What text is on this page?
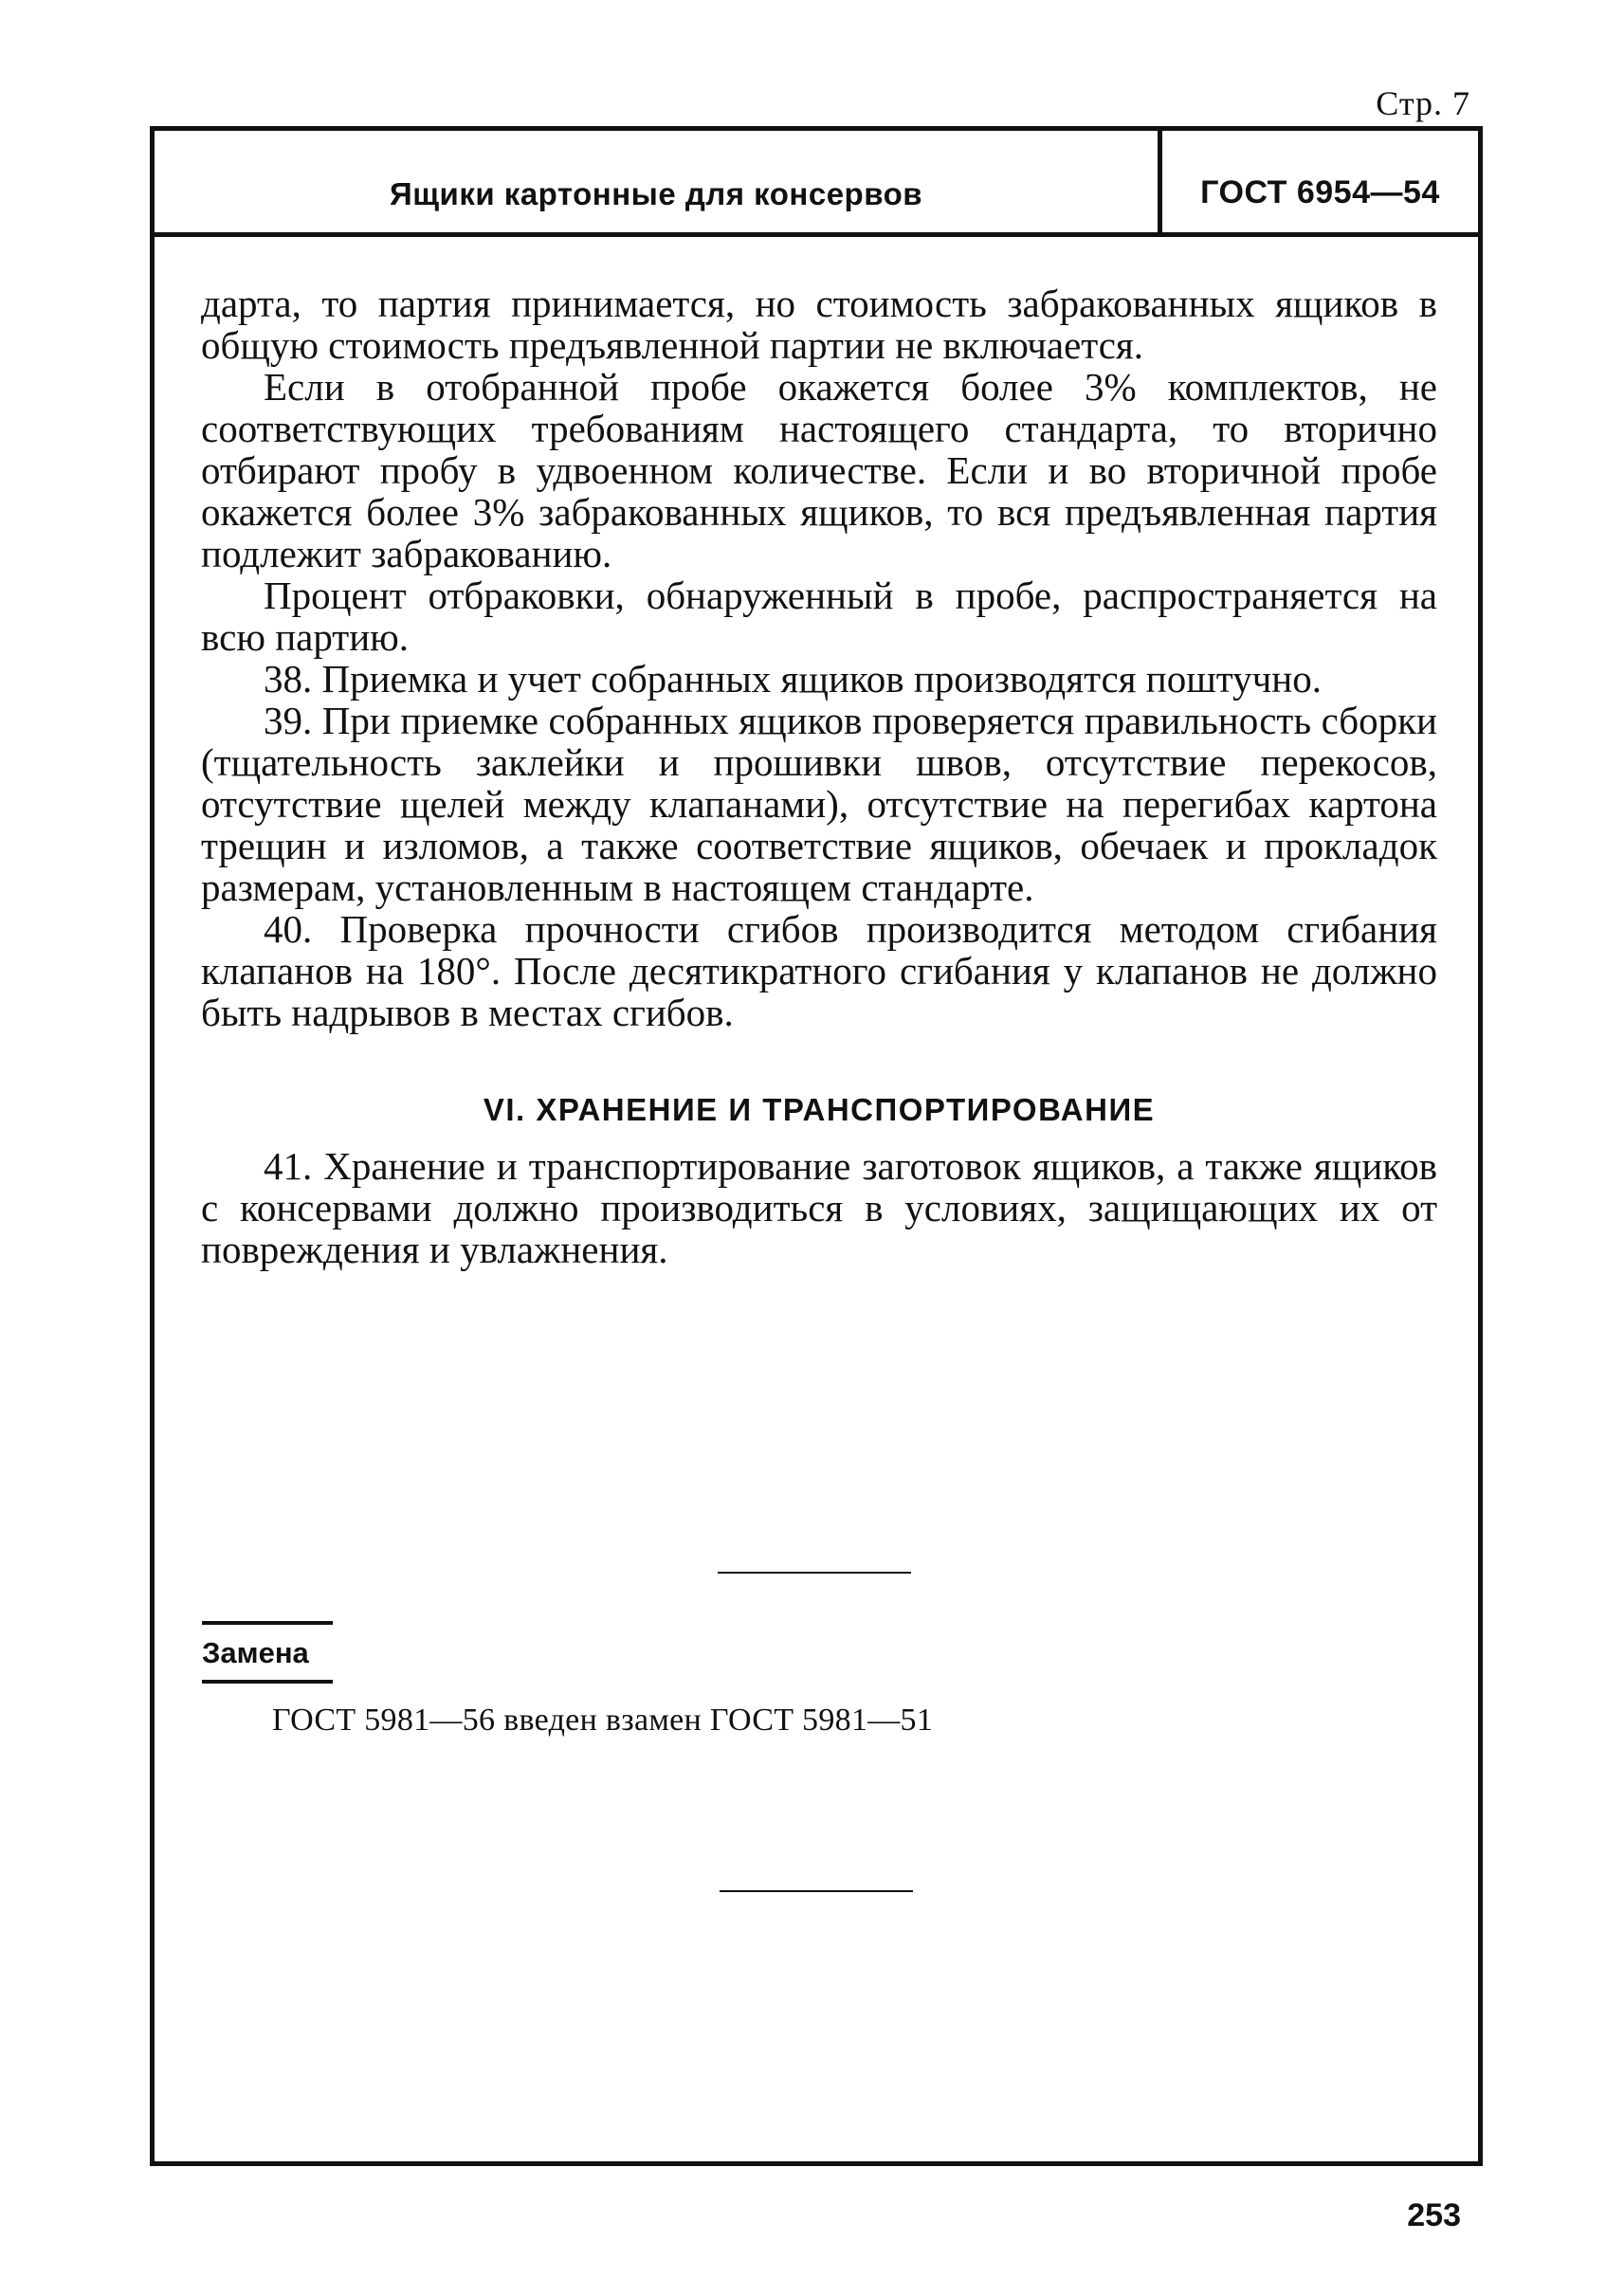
Стр. 7
Ящики картонные для консервов	ГОСТ 6954—54

дарта, то партия принимается, но стоимость забракованных ящиков в общую стоимость предъявленной партии не включается.

Если в отобранной пробе окажется более 3% комплектов, не соответствующих требованиям настоящего стандарта, то вторично отбирают пробу в удвоенном количестве. Если и во вторичной пробе окажется более 3% забракованных ящиков, то вся предъявленная партия подлежит забракованию.

Процент отбраковки, обнаруженный в пробе, распространяется на всю партию.

38. Приемка и учет собранных ящиков производятся поштучно.

39. При приемке собранных ящиков проверяется правильность сборки (тщательность заклейки и прошивки швов, отсутствие перекосов, отсутствие щелей между клапанами), отсутствие на перегибах картона трещин и изломов, а также соответствие ящиков, обечаек и прокладок размерам, установленным в настоящем стандарте.

40. Проверка прочности сгибов производится методом сгибания клапанов на 180°. После десятикратного сгибания у клапанов не должно быть надрывов в местах сгибов.

VI. ХРАНЕНИЕ И ТРАНСПОРТИРОВАНИЕ

41. Хранение и транспортирование заготовок ящиков, а также ящиков с консервами должно производиться в условиях, защищающих их от повреждения и увлажнения.

Замена
ГОСТ 5981—56 введен взамен ГОСТ 5981—51
253
